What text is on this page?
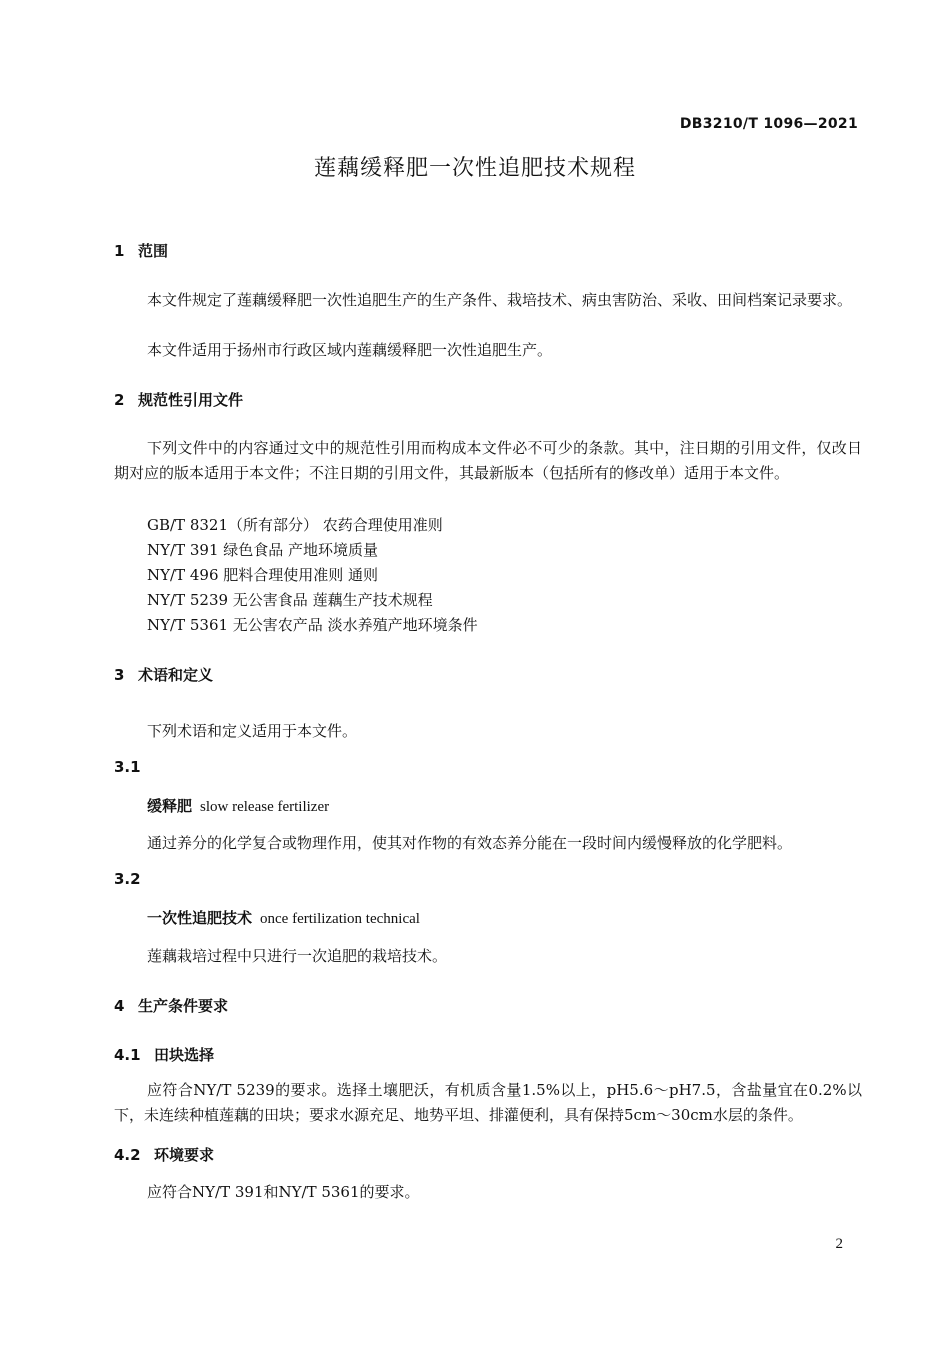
DB3210/T 1096—2021
莲藕缓释肥一次性追肥技术规程
1 范围
本文件规定了莲藕缓释肥一次性追肥生产的生产条件、栽培技术、病虫害防治、采收、田间档案记录要求。
本文件适用于扬州市行政区域内莲藕缓释肥一次性追肥生产。
2 规范性引用文件
下列文件中的内容通过文中的规范性引用而构成本文件必不可少的条款。其中，注日期的引用文件，仅改日期对应的版本适用于本文件；不注日期的引用文件，其最新版本（包括所有的修改单）适用于本文件。
GB/T 8321（所有部分） 农药合理使用准则
NY/T 391 绿色食品 产地环境质量
NY/T 496 肥料合理使用准则 通则
NY/T 5239 无公害食品 莲藕生产技术规程
NY/T 5361 无公害农产品 淡水养殖产地环境条件
3 术语和定义
下列术语和定义适用于本文件。
3.1
缓释肥 slow release fertilizer
通过养分的化学复合或物理作用，使其对作物的有效态养分能在一段时间内缓慢释放的化学肥料。
3.2
一次性追肥技术 once fertilization technical
莲藕栽培过程中只进行一次追肥的栽培技术。
4 生产条件要求
4.1 田块选择
应符合NY/T 5239的要求。选择土壤肥沃，有机质含量1.5%以上，pH5.6～pH7.5，含盐量宜在0.2%以下，未连续种植莲藕的田块；要求水源充足、地势平坦、排灌便利，具有保持5cm～30cm水层的条件。
4.2 环境要求
应符合NY/T 391和NY/T 5361的要求。
2
